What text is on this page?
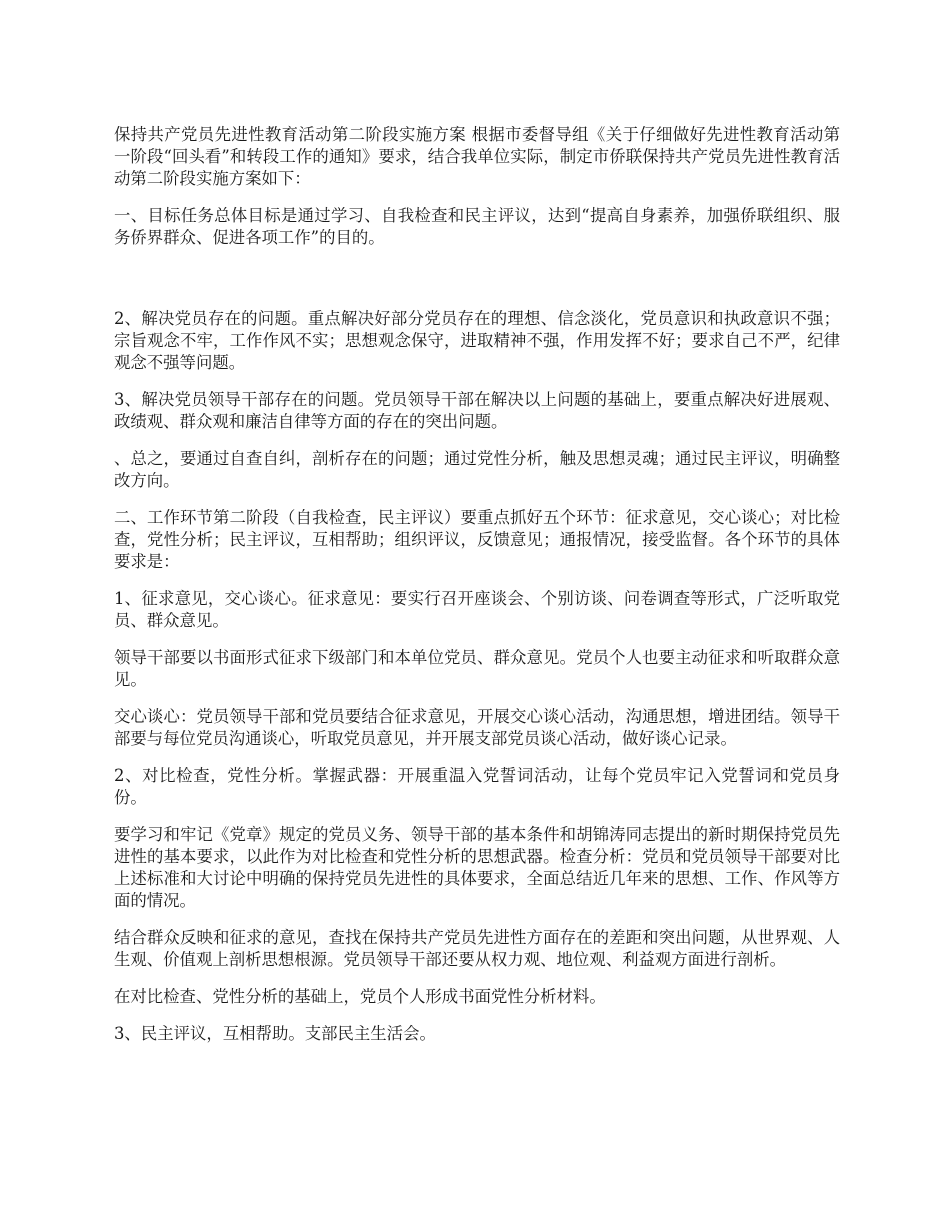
保持共产党员先进性教育活动第二阶段实施方案 根据市委督导组《关于仔细做好先进性教育活动第一阶段“回头看”和转段工作的通知》要求，结合我单位实际，制定市侨联保持共产党员先进性教育活动第二阶段实施方案如下：

一、目标任务总体目标是通过学习、自我检查和民主评议，达到“提高自身素养，加强侨联组织、服务侨界群众、促进各项工作”的目的。

2、解决党员存在的问题。重点解决好部分党员存在的理想、信念淡化，党员意识和执政意识不强；宗旨观念不牢，工作作风不实；思想观念保守，进取精神不强，作用发挥不好；要求自己不严，纪律观念不强等问题。

3、解决党员领导干部存在的问题。党员领导干部在解决以上问题的基础上，要重点解决好进展观、政绩观、群众观和廉洁自律等方面的存在的突出问题。

、总之，要通过自查自纠，剖析存在的问题；通过党性分析，触及思想灵魂；通过民主评议，明确整改方向。

二、工作环节第二阶段（自我检查，民主评议）要重点抓好五个环节：征求意见，交心谈心；对比检查，党性分析；民主评议，互相帮助；组织评议，反馈意见；通报情况，接受监督。各个环节的具体要求是：

1、征求意见，交心谈心。征求意见：要实行召开座谈会、个别访谈、问卷调查等形式，广泛听取党员、群众意见。

领导干部要以书面形式征求下级部门和本单位党员、群众意见。党员个人也要主动征求和听取群众意见。

交心谈心：党员领导干部和党员要结合征求意见，开展交心谈心活动，沟通思想，增进团结。领导干部要与每位党员沟通谈心，听取党员意见，并开展支部党员谈心活动，做好谈心记录。

2、对比检查，党性分析。掌握武器：开展重温入党誓词活动，让每个党员牢记入党誓词和党员身份。

要学习和牢记《党章》规定的党员义务、领导干部的基本条件和胡锦涛同志提出的新时期保持党员先进性的基本要求，以此作为对比检查和党性分析的思想武器。检查分析：党员和党员领导干部要对比上述标准和大讨论中明确的保持党员先进性的具体要求，全面总结近几年来的思想、工作、作风等方面的情况。

结合群众反映和征求的意见，查找在保持共产党员先进性方面存在的差距和突出问题，从世界观、人生观、价值观上剖析思想根源。党员领导干部还要从权力观、地位观、利益观方面进行剖析。

在对比检查、党性分析的基础上，党员个人形成书面党性分析材料。

3、民主评议，互相帮助。支部民主生活会。
